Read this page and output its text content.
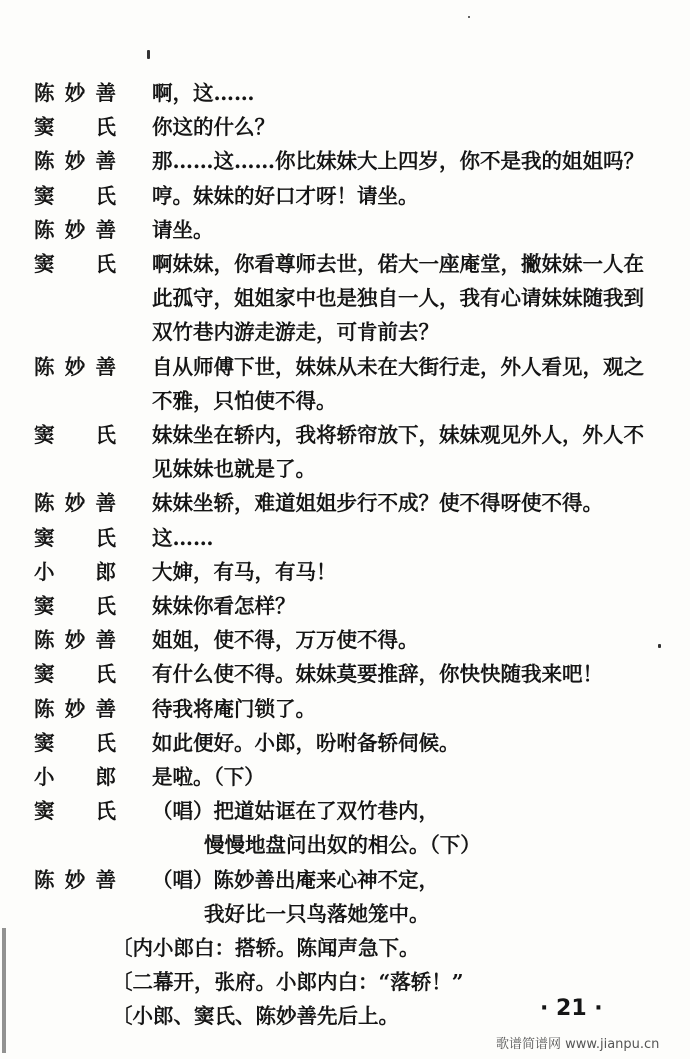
陈妙善 啊，这……
窦　氏 你这的什么？
陈妙善 那……这……你比妹妹大上四岁，你不是我的姐姐吗？
窦　氏 哼。妹妹的好口才呀！请坐。
陈妙善 请坐。
窦　氏 啊妹妹，你看尊师去世，偌大一座庵堂，撇妹妹一人在
此孤守，姐姐家中也是独自一人，我有心请妹妹随我到
双竹巷内游走游走，可肯前去？
陈妙善 自从师傅下世，妹妹从未在大街行走，外人看见，观之
不雅，只怕使不得。
窦　氏 妹妹坐在轿内，我将轿帘放下，妹妹观见外人，外人不
见妹妹也就是了。
陈妙善 妹妹坐轿，难道姐姐步行不成？使不得呀使不得。
窦　氏 这……
小　郎 大婶，有马，有马！
窦　氏 妹妹你看怎样？
陈妙善 姐姐，使不得，万万使不得。
窦　氏 有什么使不得。妹妹莫要推辞，你快快随我来吧！
陈妙善 待我将庵门锁了。
窦　氏 如此便好。小郎，吩咐备轿伺候。
小　郎 是啦。（下）
窦　氏 （唱）把道姑诓在了双竹巷内，
慢慢地盘问出奴的相公。（下）
陈妙善 （唱）陈妙善出庵来心神不定，
我好比一只鸟落她笼中。
〔内小郎白：搭轿。陈闻声急下。
〔二幕开，张府。小郎内白：“落轿！”
〔小郎、窦氏、陈妙善先后上。	· 21 ·
歌谱简谱网 www.jianpu.cn
